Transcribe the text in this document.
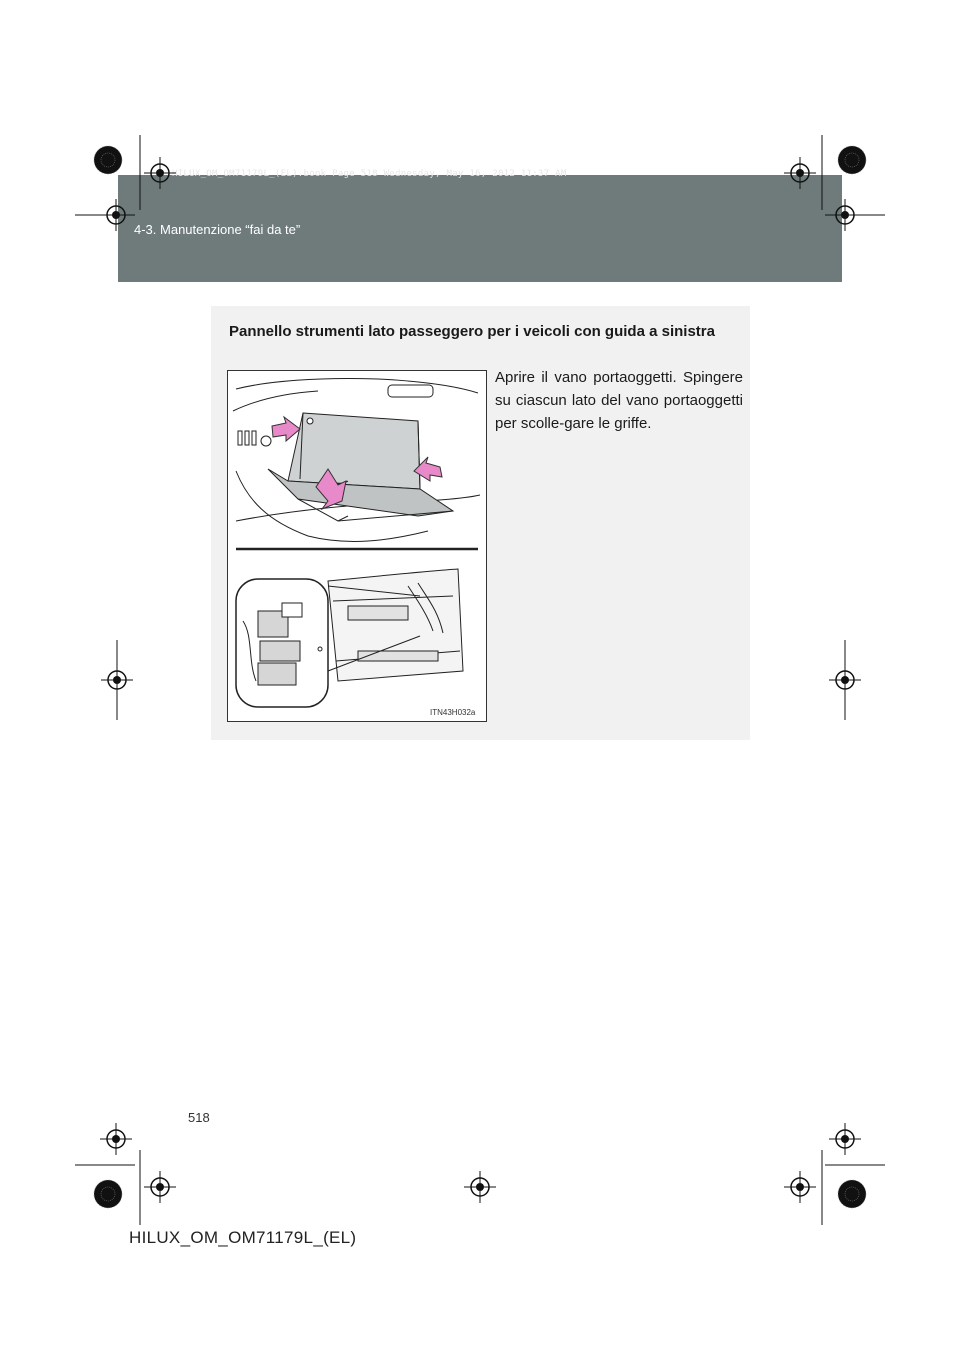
HILUX_OM_OM71179L_(EL).book Page 518 Wednesday, May 16, 2012 11:37 AM
4-3. Manutenzione “fai da te”
Pannello strumenti lato passeggero per i veicoli con guida a sinistra
ITN43H032a
Aprire il vano portaoggetti. Spingere su ciascun lato del vano portaoggetti per scolle-gare le griffe.
518
HILUX_OM_OM71179L_(EL)
